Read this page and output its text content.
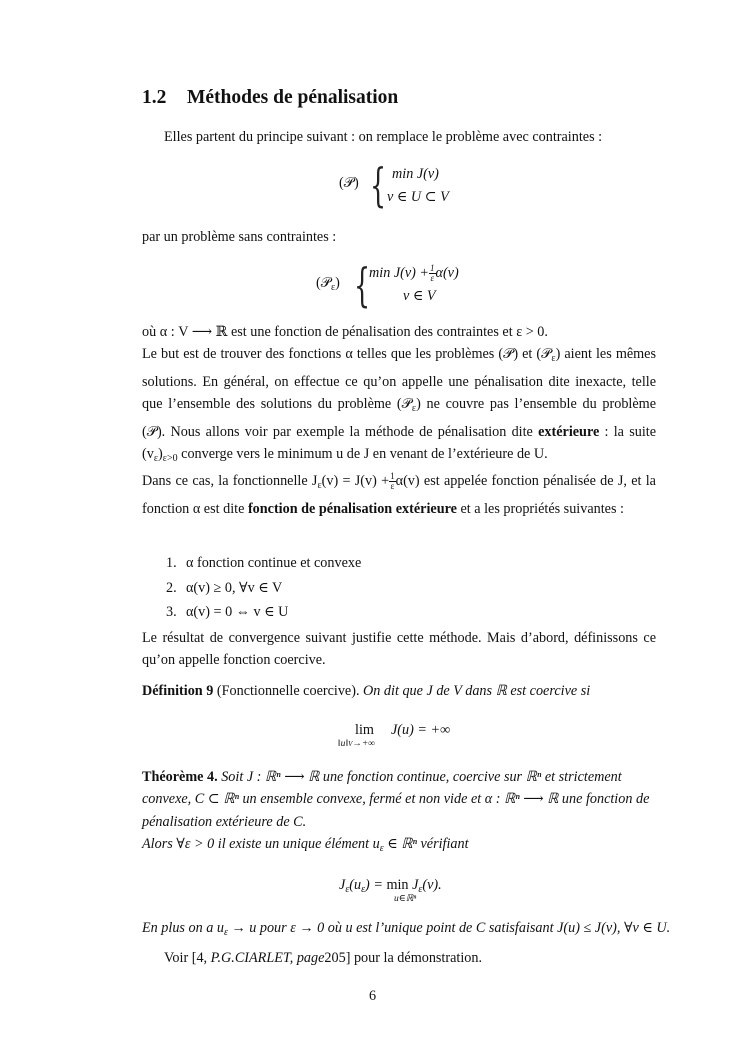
1.2 Méthodes de pénalisation
Elles partent du principe suivant : on remplace le problème avec contraintes :
(𝒫) { min J(v)
v ∈ U ⊂ V
par un problème sans contraintes :
(𝒫$_\varepsilon$) {
$\min J(v) + \frac{1}{\varepsilon} \alpha(v)$
v ∈ V
où α : V ⟶ ℝ est une fonction de pénalisation des contraintes et ε > 0.
Le but est de trouver des fonctions α telles que les problèmes (𝒫) et (𝒫$_\varepsilon$) aient les mêmes solutions. En général, on effectue ce qu’on appelle une pénalisation dite inexacte, telle que l’ensemble des solutions du problème (𝒫$_\varepsilon$) ne couvre pas l’ensemble du problème (𝒫). Nous allons voir par exemple la méthode de pénalisation dite extérieure : la suite $(v_\varepsilon)_{\varepsilon>0}$ converge vers le minimum u de J en venant de l’extérieure de U.
Dans ce cas, la fonctionnelle $J_\varepsilon(v) = J(v) + \frac{1}{\varepsilon} \alpha(v)$ est appelée fonction pénalisée de J, et la fonction α est dite fonction de pénalisation extérieure et a les propriétés suivantes :
1. α fonction continue et convexe
2. α(v) ≥ 0, ∀v ∈ V
3. α(v) = 0 ⇔ v ∈ U
Le résultat de convergence suivant justifie cette méthode. Mais d’abord, définissons ce qu’on appelle fonction coercive.
Définition 9 (Fonctionnelle coercive). On dit que J de V dans ℝ est coercive si
lim
‖u‖V→+∞
J(u) = +∞
Théorème 4. Soit J : ℝⁿ ⟶ ℝ une fonction continue, coercive sur ℝⁿ et strictement convexe, C ⊂ ℝⁿ un ensemble convexe, fermé et non vide et α : ℝⁿ ⟶ ℝ une fonction de pénalisation extérieure de C.
Alors ∀ε > 0 il existe un unique élément $u_\varepsilon$ ∈ ℝⁿ vérifiant
$J_\varepsilon(u_\varepsilon) = \min J_\varepsilon(v)$.
u∈ℝⁿ
En plus on a $u_\varepsilon \to u$ pour ε → 0 où u est l’unique point de C satisfaisant J(u) ≤ J(v), ∀v ∈ U.
Voir [4, P.G.CIARLET, page205] pour la démonstration.
6
